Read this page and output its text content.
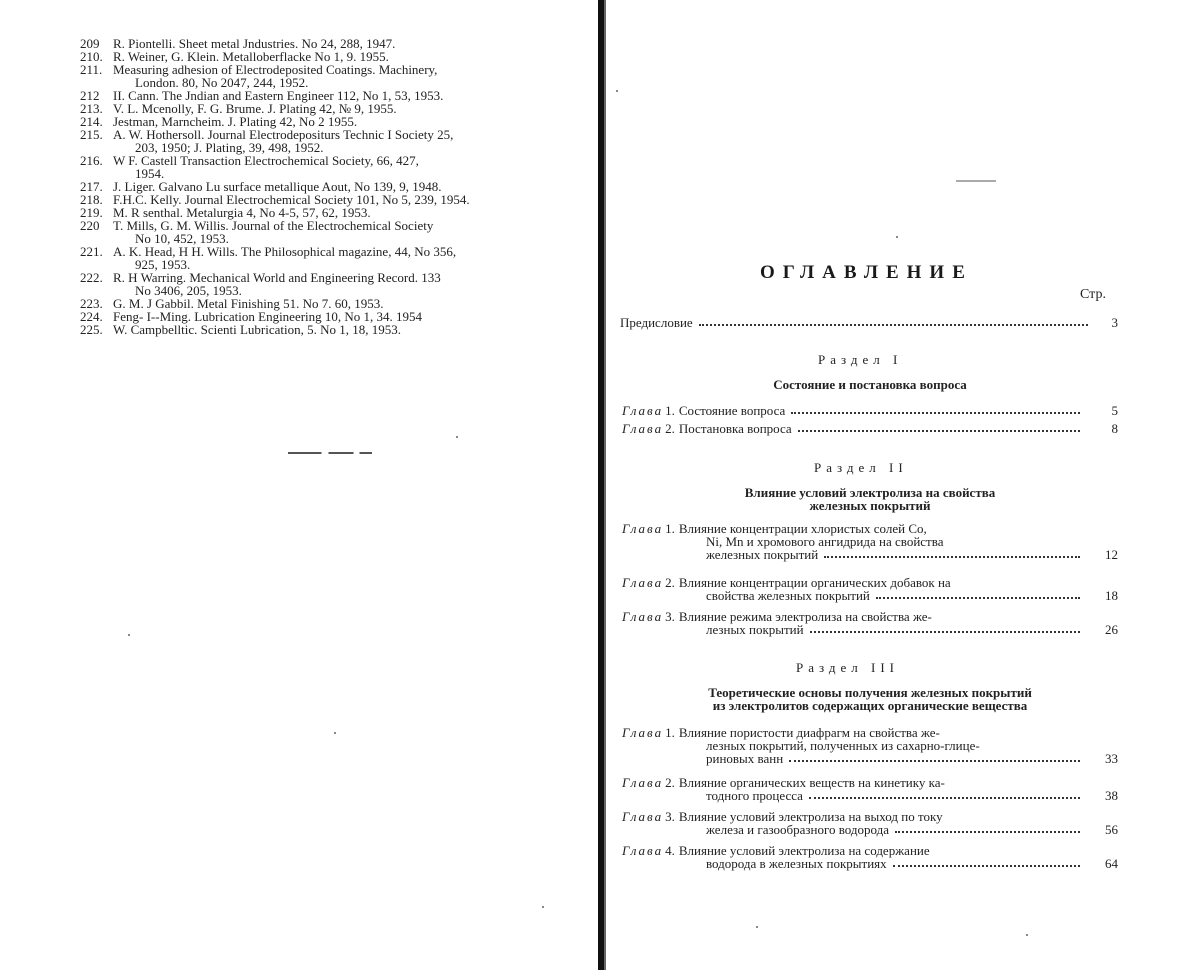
209	R. Piontelli. Sheet metal Jndustries. No 24, 288, 1947.
210. R. Weiner, G. Klein. Metalloberflacke No 1, 9. 1955.
211. Measuring adhesion of Electrodeposited Coatings. Machinery,
London. 80, No 2047, 244, 1952.
212	II. Cann. The Jndian and Eastern Engineer 112, No 1, 53, 1953.
213. V. L. Mcenolly, F. G. Brume. J. Plating 42, № 9, 1955.
214. Jestman, Marncheim. J. Plating 42, No 2 1955.
215. A. W. Hothersoll. Journal Electrodepositurs Technic I Society 25,
203, 1950; J. Plating, 39, 498, 1952.
216. W F. Castell Transaction Electrochemical Society, 66, 427,
1954.
217. J. Liger. Galvano Lu surface metallique Aout, No 139, 9, 1948.
218. F.H.C. Kelly. Journal Electrochemical Society 101, No 5, 239, 1954.
219. M. R senthal. Metalurgia 4, No 4-5, 57, 62, 1953.
220	T. Mills, G. M. Willis. Journal of the Electrochemical Society
No 10, 452, 1953.
221. A. K. Head, H H. Wills. The Philosophical magazine, 44, No 356,
925, 1953.
222. R. H Warring. Mechanical World and Engineering Record. 133
No 3406, 205, 1953.
223. G. M. J Gabbil. Metal Finishing 51. No 7. 60, 1953.
224. Feng- I--Ming. Lubrication Engineering 10, No 1, 34. 1954
225. W. Campbelltic. Scienti Lubrication, 5. No 1, 18, 1953.
ОГЛАВЛЕНИЕ
Стр.
Предисловие	3
Раздел I
Состояние и постановка вопроса
Глава 1. Состояние вопроса	5
Глава 2. Постановка вопроса	8
Раздел II
Влияние условий электролиза на свойства
железных покрытий
Глава 1. Влияние концентрации хлористых солей Со,
Ni, Mn и хромового ангидрида на свойства
железных покрытий	12
Глава 2. Влияние концентрации органических добавок на
свойства железных покрытий	18
Глава 3. Влияние режима электролиза на свойства же-
лезных покрытий	26
Раздел III
Теоретические основы получения железных покрытий
из электролитов содержащих органические вещества
Глава 1. Влияние пористости диафрагм на свойства же-
лезных покрытий, полученных из сахарно-глице-
риновых ванн	33
Глава 2. Влияние органических веществ на кинетику ка-
тодного процесса	38
Глава 3. Влияние условий электролиза на выход по току
железа и газообразного водорода	56
Глава 4. Влияние условий электролиза на содержание
водорода в железных покрытиях	64
